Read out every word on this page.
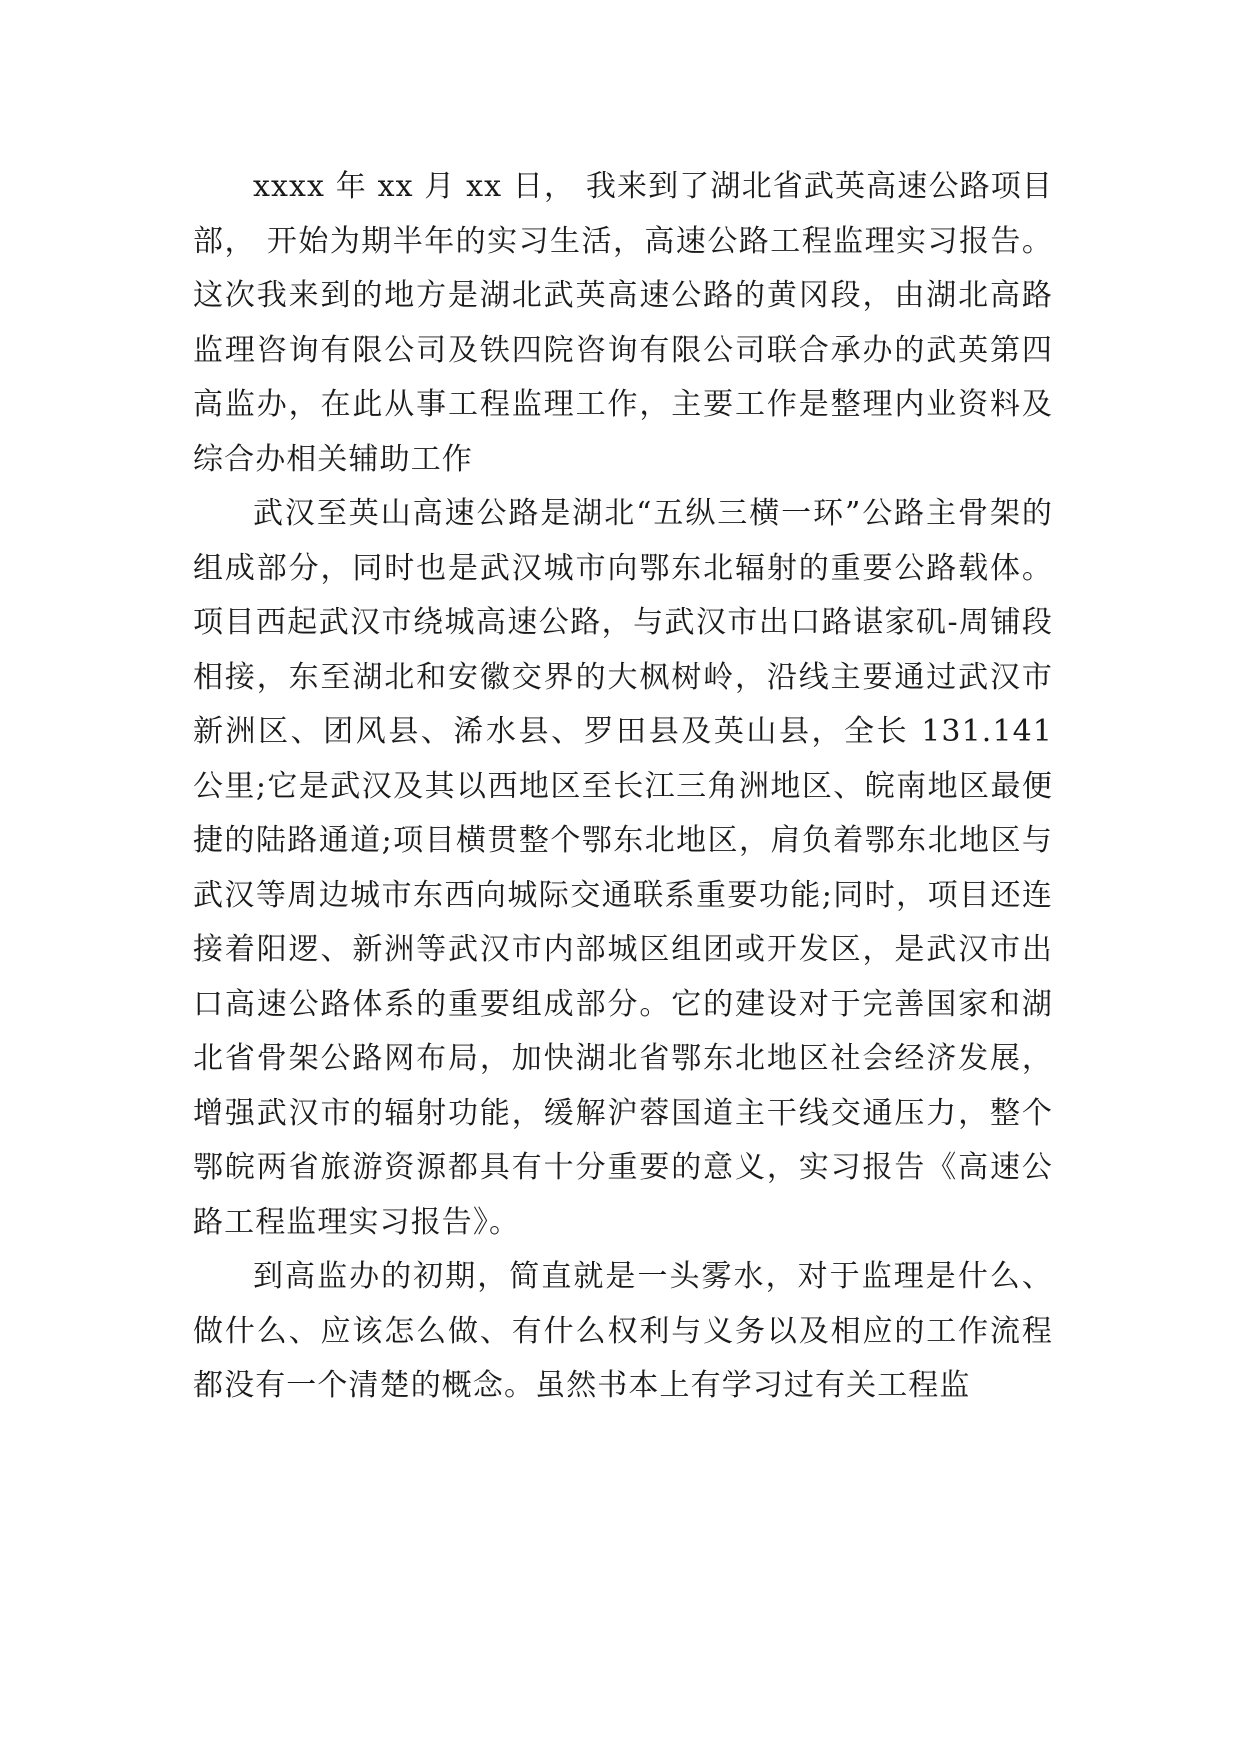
xxxx 年 xx 月 xx 日， 我来到了湖北省武英高速公路项目部， 开始为期半年的实习生活，高速公路工程监理实习报告。这次我来到的地方是湖北武英高速公路的黄冈段，由湖北高路监理咨询有限公司及铁四院咨询有限公司联合承办的武英第四高监办，在此从事工程监理工作，主要工作是整理内业资料及综合办相关辅助工作

武汉至英山高速公路是湖北“五纵三横一环”公路主骨架的组成部分，同时也是武汉城市向鄂东北辐射的重要公路载体。项目西起武汉市绕城高速公路，与武汉市出口路谌家矶-周铺段相接，东至湖北和安徽交界的大枫树岭，沿线主要通过武汉市新洲区、团风县、浠水县、罗田县及英山县，全长 131.141 公里;它是武汉及其以西地区至长江三角洲地区、皖南地区最便捷的陆路通道;项目横贯整个鄂东北地区，肩负着鄂东北地区与武汉等周边城市东西向城际交通联系重要功能;同时，项目还连接着阳逻、新洲等武汉市内部城区组团或开发区，是武汉市出口高速公路体系的重要组成部分。它的建设对于完善国家和湖北省骨架公路网布局，加快湖北省鄂东北地区社会经济发展，增强武汉市的辐射功能，缓解沪蓉国道主干线交通压力，整个鄂皖两省旅游资源都具有十分重要的意义，实习报告《高速公路工程监理实习报告》。

到高监办的初期，简直就是一头雾水，对于监理是什么、做什么、应该怎么做、有什么权利与义务以及相应的工作流程都没有一个清楚的概念。虽然书本上有学习过有关工程监
